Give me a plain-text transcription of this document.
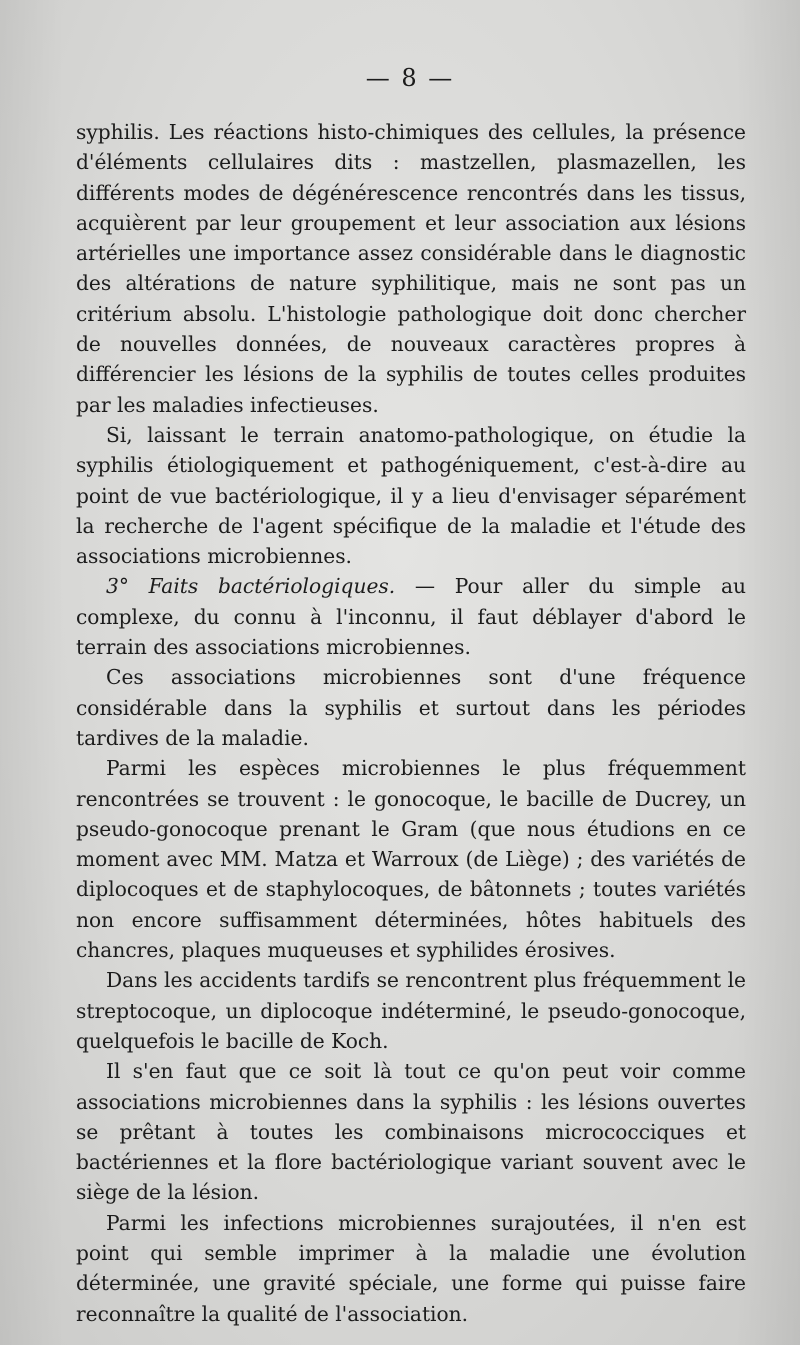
— 8 —

syphilis. Les réactions histo-chimiques des cellules, la présence d'éléments cellulaires dits : mastzellen, plasmazellen, les différents modes de dégénérescence rencontrés dans les tissus, acquièrent par leur groupement et leur association aux lésions artérielles une importance assez considérable dans le diagnostic des altérations de nature syphilitique, mais ne sont pas un critérium absolu. L'histologie pathologique doit donc chercher de nouvelles données, de nouveaux caractères propres à différencier les lésions de la syphilis de toutes celles produites par les maladies infectieuses.

Si, laissant le terrain anatomo-pathologique, on étudie la syphilis étiologiquement et pathogéniquement, c'est-à-dire au point de vue bactériologique, il y a lieu d'envisager séparément la recherche de l'agent spécifique de la maladie et l'étude des associations microbiennes.

3° Faits bactériologiques. — Pour aller du simple au complexe, du connu à l'inconnu, il faut déblayer d'abord le terrain des associations microbiennes.

Ces associations microbiennes sont d'une fréquence considérable dans la syphilis et surtout dans les périodes tardives de la maladie.

Parmi les espèces microbiennes le plus fréquemment rencontrées se trouvent : le gonocoque, le bacille de Ducrey, un pseudo-gonocoque prenant le Gram (que nous étudions en ce moment avec MM. Matza et Warroux (de Liège) ; des variétés de diplocoques et de staphylocoques, de bâtonnets ; toutes variétés non encore suffisamment déterminées, hôtes habituels des chancres, plaques muqueuses et syphilides érosives.

Dans les accidents tardifs se rencontrent plus fréquemment le streptocoque, un diplocoque indéterminé, le pseudo-gonocoque, quelquefois le bacille de Koch.

Il s'en faut que ce soit là tout ce qu'on peut voir comme associations microbiennes dans la syphilis : les lésions ouvertes se prêtant à toutes les combinaisons micrococciques et bactériennes et la flore bactériologique variant souvent avec le siège de la lésion.

Parmi les infections microbiennes surajoutées, il n'en est point qui semble imprimer à la maladie une évolution déterminée, une gravité spéciale, une forme qui puisse faire reconnaître la qualité de l'association.
